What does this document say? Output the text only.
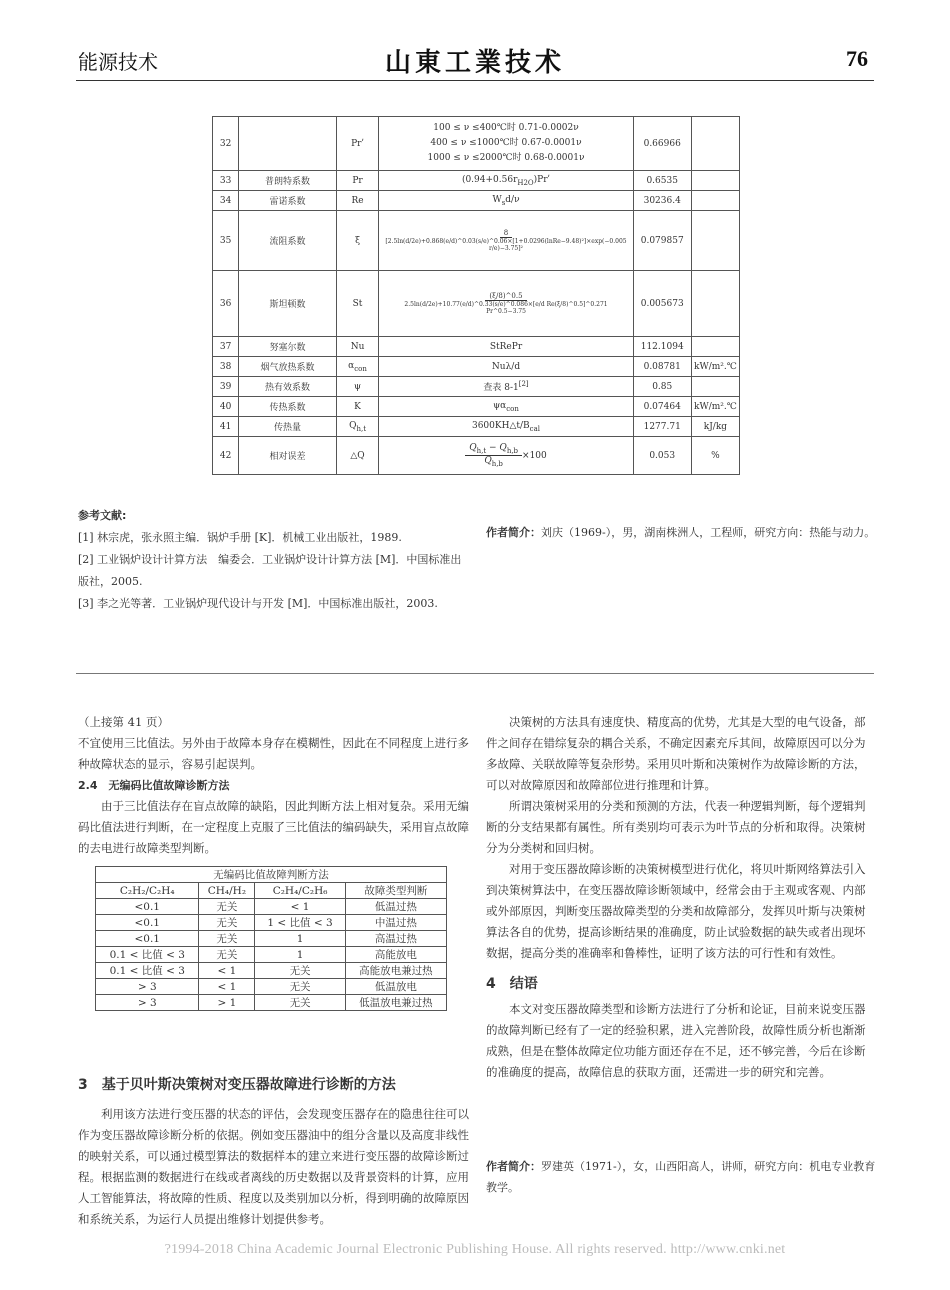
能源技术	山東工業技术	76
32		Prʹ	100 ≤ ν ≤400℃时 0.71-0.0002ν
400 ≤ ν ≤1000℃时 0.67-0.0001ν
1000 ≤ ν ≤2000℃时 0.68-0.0001ν	0.66966	
33	普朗特系数	Pr	$(0.94+0.56r_{H2O})Prʹ$	0.6535	
34	雷诺系数	Re	$W_sd/\nu$	30236.4	
35	流阻系数	ξ	8
[2.5ln(d/2e)+0.868(e/d)^0.03(s/e)^0.06×[1+0.0296(lnRe−9.48)²]×exp(−0.005 r/e)−3.75]²	0.079857	
36	斯坦顿数	St	(ξ/8)^0.5
2.5ln(d/2e)+10.77(e/d)^0.33(s/e)^0.086×[e/d Re(ξ/8)^0.5]^0.271 Pr^0.5−3.75	0.005673	
37	努塞尔数	Nu	StRePr	112.1094	
38	烟气放热系数	$\alpha_{con}$	Nuλ/d	0.08781	kW/m².℃
39	热有效系数	ψ	查表 8-1[2]	0.85	
40	传热系数	K	$\psi\alpha_{con}$	0.07464	kW/m².℃
41	传热量	$Q_{h,t}$	$3600KH\triangle t/B_{cal}$	1277.71	kJ/kg
42	相对误差	△Q	$\frac{Q_{h,t} - Q_{h,b}}{Q_{h,b}} \times 100$	0.053	%
参考文献:
[1] 林宗虎，张永照主编．锅炉手册 [K]．机械工业出版社，1989.
[2] 工业锅炉设计计算方法　编委会．工业锅炉设计计算方法 [M]．中国标准出版社，2005.
[3] 李之光等著．工业锅炉现代设计与开发 [M]．中国标准出版社，2003.
作者简介：刘庆（1969-），男，湖南株洲人，工程师，研究方向：热能与动力。

（上接第 41 页）

不宜使用三比值法。另外由于故障本身存在模糊性，因此在不同程度上进行多种故障状态的显示，容易引起误判。

2.4　无编码比值故障诊断方法

由于三比值法存在盲点故障的缺陷，因此判断方法上相对复杂。采用无编码比值法进行判断，在一定程度上克服了三比值法的编码缺失，采用盲点故障的去电进行故障类型判断。

3　基于贝叶斯决策树对变压器故障进行诊断的方法

利用该方法进行变压器的状态的评估，会发现变压器存在的隐患往往可以作为变压器故障诊断分析的依据。例如变压器油中的组分含量以及高度非线性的映射关系，可以通过模型算法的数据样本的建立来进行变压器的故障诊断过程。根据监测的数据进行在线或者离线的历史数据以及背景资料的计算，应用人工智能算法，将故障的性质、程度以及类别加以分析，得到明确的故障原因和系统关系，为运行人员提出维修计划提供参考。

无编码比值故障判断方法			
C₂H₂/C₂H₄	CH₄/H₂	C₂H₄/C₂H₆	故障类型判断
<0.1	无关	< 1	低温过热
<0.1	无关	1 < 比值 < 3	中温过热
<0.1	无关	1	高温过热
0.1 < 比值 < 3	无关	1	高能放电
0.1 < 比值 < 3	< 1	无关	高能放电兼过热
> 3	< 1	无关	低温放电
> 3	> 1	无关	低温放电兼过热

决策树的方法具有速度快、精度高的优势，尤其是大型的电气设备，部件之间存在错综复杂的耦合关系，不确定因素充斥其间，故障原因可以分为多故障、关联故障等复杂形势。采用贝叶斯和决策树作为故障诊断的方法，可以对故障原因和故障部位进行推理和计算。

所谓决策树采用的分类和预测的方法，代表一种逻辑判断，每个逻辑判断的分支结果都有属性。所有类别均可表示为叶节点的分析和取得。决策树分为分类树和回归树。

对用于变压器故障诊断的决策树模型进行优化，将贝叶斯网络算法引入到决策树算法中，在变压器故障诊断领域中，经常会由于主观或客观、内部或外部原因，判断变压器故障类型的分类和故障部分，发挥贝叶斯与决策树算法各自的优势，提高诊断结果的准确度，防止试验数据的缺失或者出现坏数据，提高分类的准确率和鲁棒性，证明了该方法的可行性和有效性。

4　结语

本文对变压器故障类型和诊断方法进行了分析和论证，目前来说变压器的故障判断已经有了一定的经验积累，进入完善阶段，故障性质分析也渐渐成熟，但是在整体故障定位功能方面还存在不足，还不够完善，今后在诊断的准确度的提高，故障信息的获取方面，还需进一步的研究和完善。

作者简介：罗建英（1971-），女，山西阳高人，讲师，研究方向：机电专业教育教学。
?1994-2018 China Academic Journal Electronic Publishing House. All rights reserved. http://www.cnki.net
